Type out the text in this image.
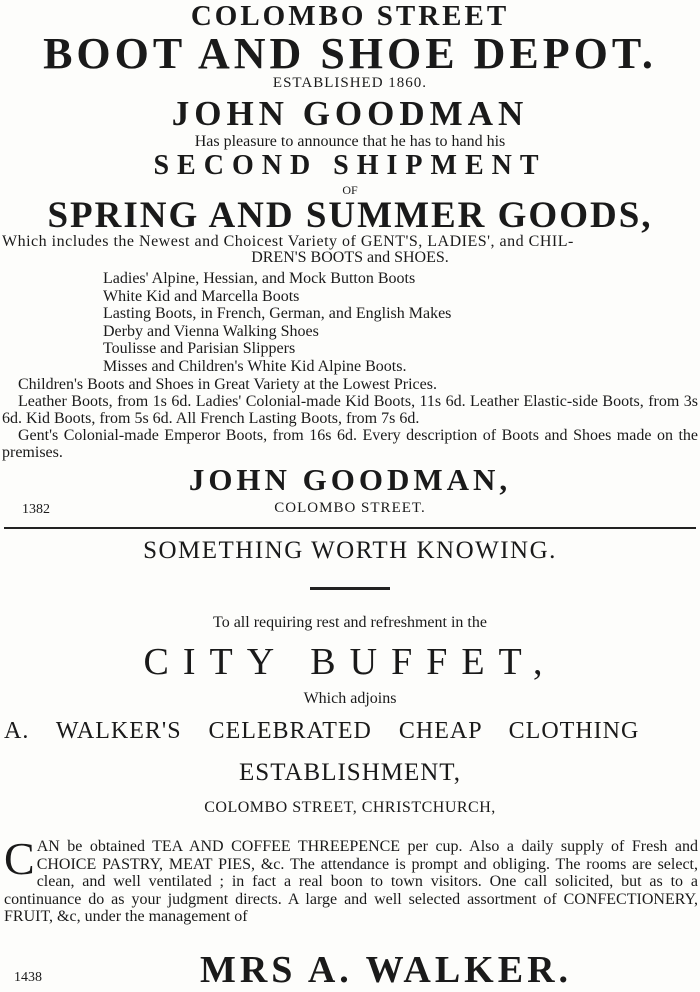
COLOMBO STREET
BOOT AND SHOE DEPOT.
ESTABLISHED 1860.
JOHN GOODMAN
Has pleasure to announce that he has to hand his
SECOND SHIPMENT
OF
SPRING AND SUMMER GOODS,
Which includes the Newest and Choicest Variety of GENT'S, LADIES', and CHIL-
DREN'S BOOTS and SHOES.
Ladies' Alpine, Hessian, and Mock Button Boots
White Kid and Marcella Boots
Lasting Boots, in French, German, and English Makes
Derby and Vienna Walking Shoes
Toulisse and Parisian Slippers
Misses and Children's White Kid Alpine Boots.
Children's Boots and Shoes in Great Variety at the Lowest Prices.
Leather Boots, from 1s 6d. Ladies' Colonial-made Kid Boots, 11s 6d. Leather Elastic-side Boots, from 3s 6d. Kid Boots, from 5s 6d. All French Lasting Boots, from 7s 6d.
Gent's Colonial-made Emperor Boots, from 16s 6d. Every description of Boots and Shoes made on the premises.
JOHN GOODMAN,
1382	COLOMBO STREET.
SOMETHING WORTH KNOWING.
To all requiring rest and refreshment in the
CITY BUFFET,
Which adjoins
A. WALKER'S CELEBRATED CHEAP CLOTHING
ESTABLISHMENT,
COLOMBO STREET, CHRISTCHURCH,
CAN be obtained TEA AND COFFEE THREEPENCE per cup. Also a daily supply of Fresh and CHOICE PASTRY, MEAT PIES, &c. The attendance is prompt and obliging. The rooms are select, clean, and well ventilated ; in fact a real boon to town visitors. One call solicited, but as to a continuance do as your judgment directs. A large and well selected assortment of CONFECTIONERY, FRUIT, &c, under the management of
1438	MRS A. WALKER.
